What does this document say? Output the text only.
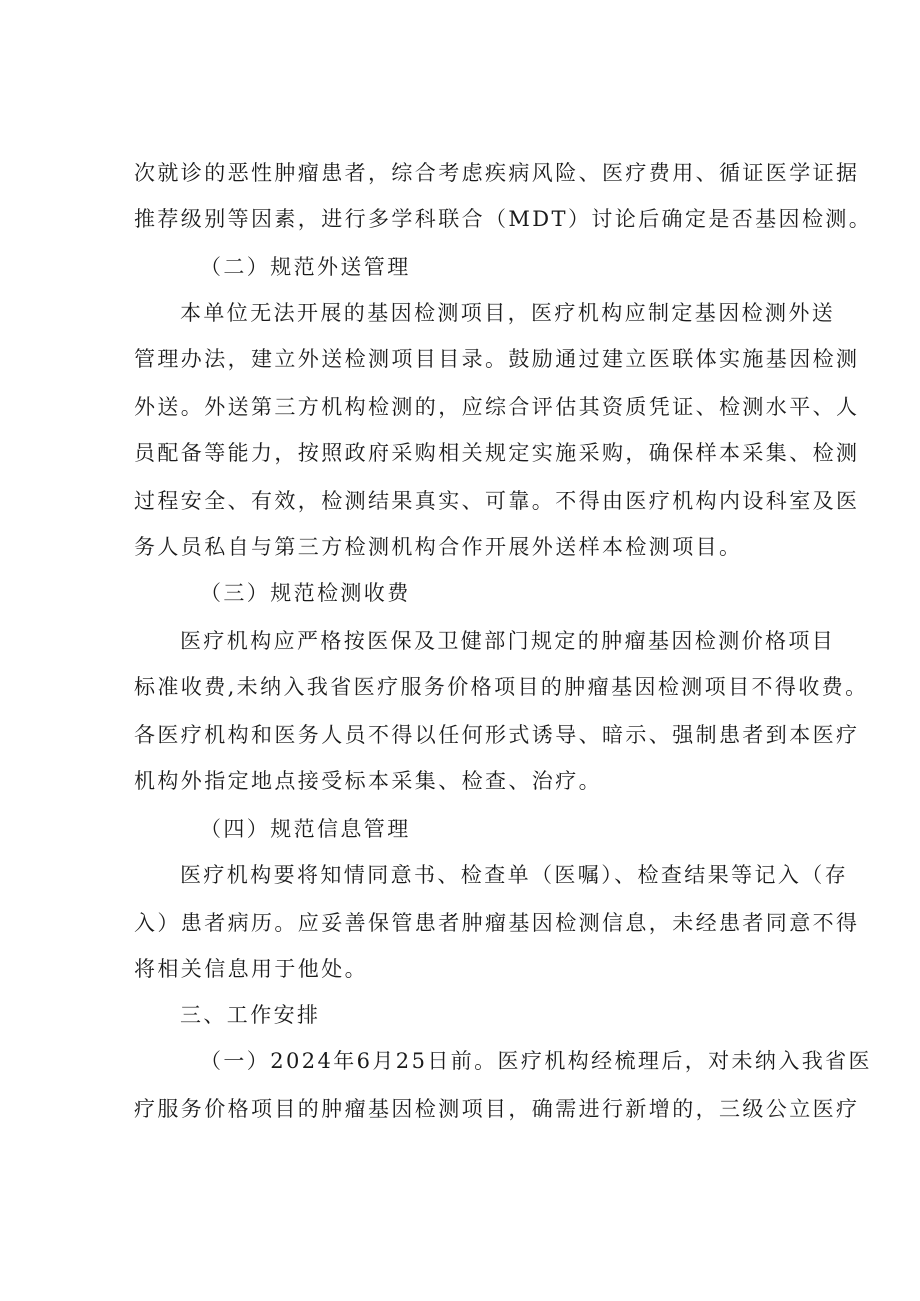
次就诊的恶性肿瘤患者，综合考虑疾病风险、医疗费用、循证医学证据
推荐级别等因素，进行多学科联合（MDT）讨论后确定是否基因检测。
（二）规范外送管理
本单位无法开展的基因检测项目，医疗机构应制定基因检测外送
管理办法，建立外送检测项目目录。鼓励通过建立医联体实施基因检测
外送。外送第三方机构检测的，应综合评估其资质凭证、检测水平、人
员配备等能力，按照政府采购相关规定实施采购，确保样本采集、检测
过程安全、有效，检测结果真实、可靠。不得由医疗机构内设科室及医
务人员私自与第三方检测机构合作开展外送样本检测项目。
（三）规范检测收费
医疗机构应严格按医保及卫健部门规定的肿瘤基因检测价格项目
标准收费,未纳入我省医疗服务价格项目的肿瘤基因检测项目不得收费。
各医疗机构和医务人员不得以任何形式诱导、暗示、强制患者到本医疗
机构外指定地点接受标本采集、检查、治疗。
（四）规范信息管理
医疗机构要将知情同意书、检查单（医嘱）、检查结果等记入（存
入）患者病历。应妥善保管患者肿瘤基因检测信息，未经患者同意不得
将相关信息用于他处。
三、工作安排
（一）2024年6月25日前。医疗机构经梳理后，对未纳入我省医
疗服务价格项目的肿瘤基因检测项目，确需进行新增的，三级公立医疗
